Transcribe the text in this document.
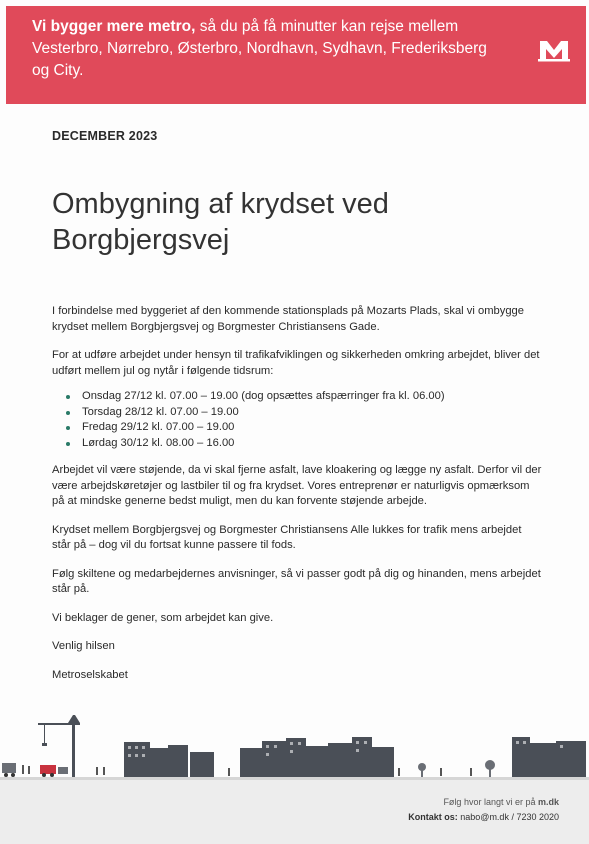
Vi bygger mere metro, så du på få minutter kan rejse mellem Vesterbro, Nørrebro, Østerbro, Nordhavn, Sydhavn, Frederiksberg og City.
DECEMBER 2023
Ombygning af krydset ved Borgbjergsvej

I forbindelse med byggeriet af den kommende stationsplads på Mozarts Plads, skal vi ombygge krydset mellem Borgbjergsvej og Borgmester Christiansens Gade.

For at udføre arbejdet under hensyn til trafikafviklingen og sikkerheden omkring arbejdet, bliver det udført mellem jul og nytår i følgende tidsrum:

Onsdag 27/12 kl. 07.00 – 19.00 (dog opsættes afspærringer fra kl. 06.00)
Torsdag 28/12 kl. 07.00 – 19.00
Fredag 29/12 kl. 07.00 – 19.00
Lørdag 30/12 kl. 08.00 – 16.00

Arbejdet vil være støjende, da vi skal fjerne asfalt, lave kloakering og lægge ny asfalt. Derfor vil der være arbejdskøretøjer og lastbiler til og fra krydset. Vores entreprenør er naturligvis opmærksom på at mindske generne bedst muligt, men du kan forvente støjende arbejde.

Krydset mellem Borgbjergsvej og Borgmester Christiansens Alle lukkes for trafik mens arbejdet står på – dog vil du fortsat kunne passere til fods.

Følg skiltene og medarbejdernes anvisninger, så vi passer godt på dig og hinanden, mens arbejdet står på.

Vi beklager de gener, som arbejdet kan give.

Venlig hilsen

Metroselskabet

Følg hvor langt vi er på m.dk
Kontakt os: nabo@m.dk / 7230 2020
